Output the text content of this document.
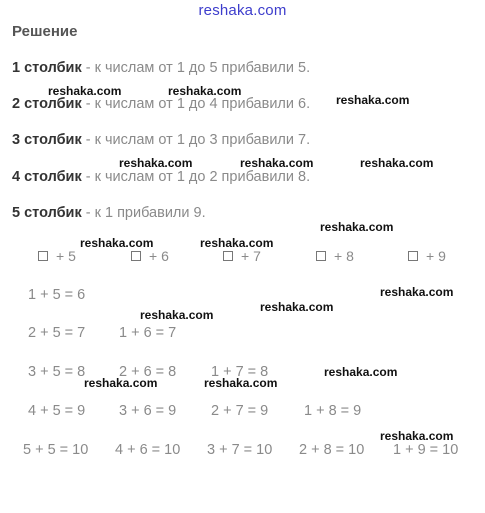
reshaka.com
Решение
1 столбик - к числам от 1 до 5 прибавили 5.
2 столбик - к числам от 1 до 4 прибавили 6.
3 столбик - к числам от 1 до 3 прибавили 7.
4 столбик - к числам от 1 до 2 прибавили 8.
5 столбик - к 1 прибавили 9.
+ 5	+ 6	+ 7	+ 8	+ 9
1 + 5 = 6
2 + 5 = 7 1 + 6 = 7
3 + 5 = 8 2 + 6 = 8 1 + 7 = 8
4 + 5 = 9 3 + 6 = 9 2 + 7 = 9 1 + 8 = 9
5 + 5 = 10 4 + 6 = 10 3 + 7 = 10 2 + 8 = 10 1 + 9 = 10
reshaka.com	reshaka.com
reshaka.com
reshaka.com	reshaka.com	reshaka.com
reshaka.com
reshaka.com	reshaka.com
reshaka.com
reshaka.com
reshaka.com
reshaka.com
reshaka.com	reshaka.com
reshaka.com
